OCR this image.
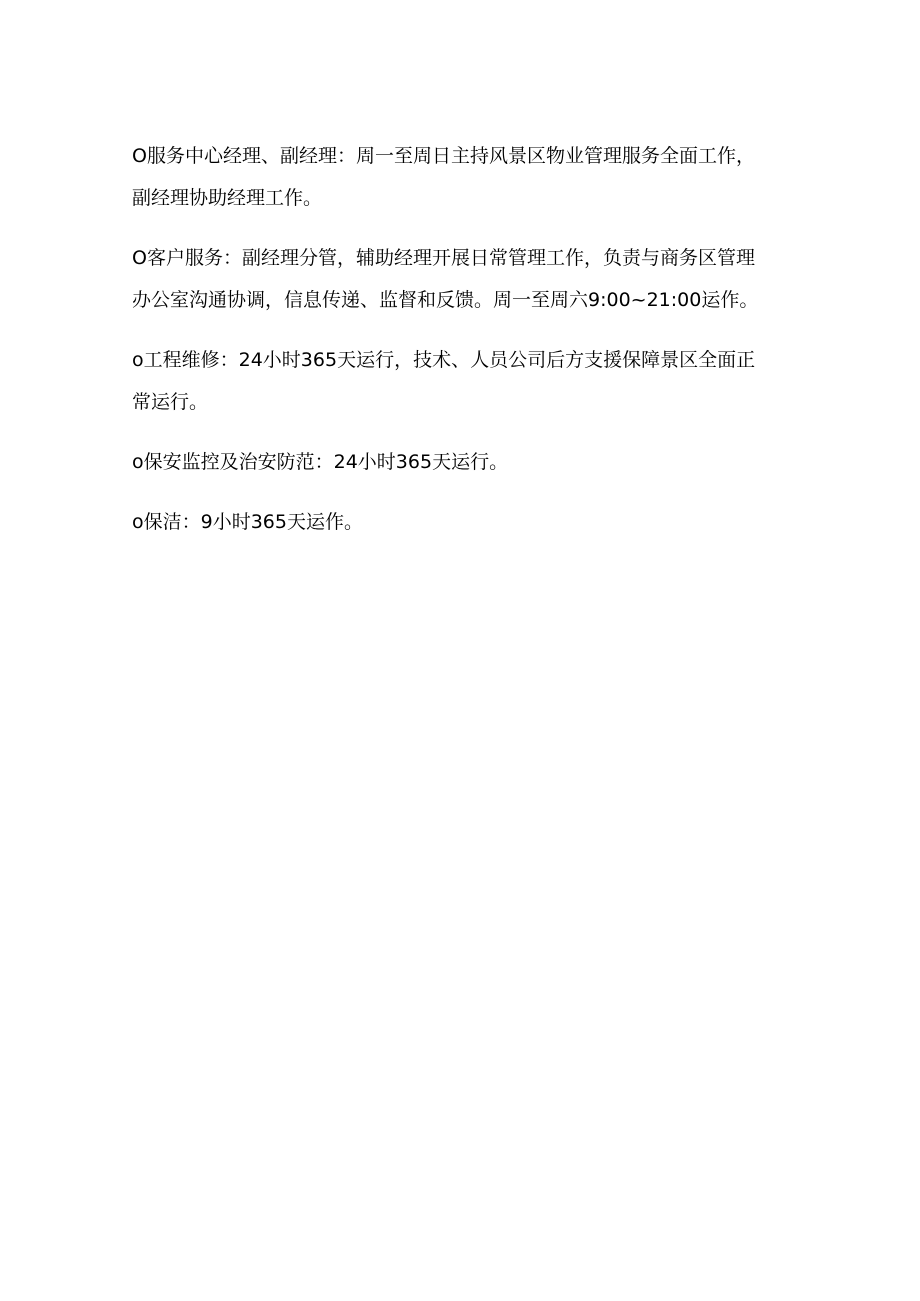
O服务中心经理、副经理：周一至周日主持风景区物业管理服务全面工作，
副经理协助经理工作。

O客户服务：副经理分管，辅助经理开展日常管理工作，负责与商务区管理
办公室沟通协调，信息传递、监督和反馈。周一至周六9:00~21:00运作。

o工程维修：24小时365天运行，技术、人员公司后方支援保障景区全面正
常运行。

o保安监控及治安防范：24小时365天运行。

o保洁：9小时365天运作。
